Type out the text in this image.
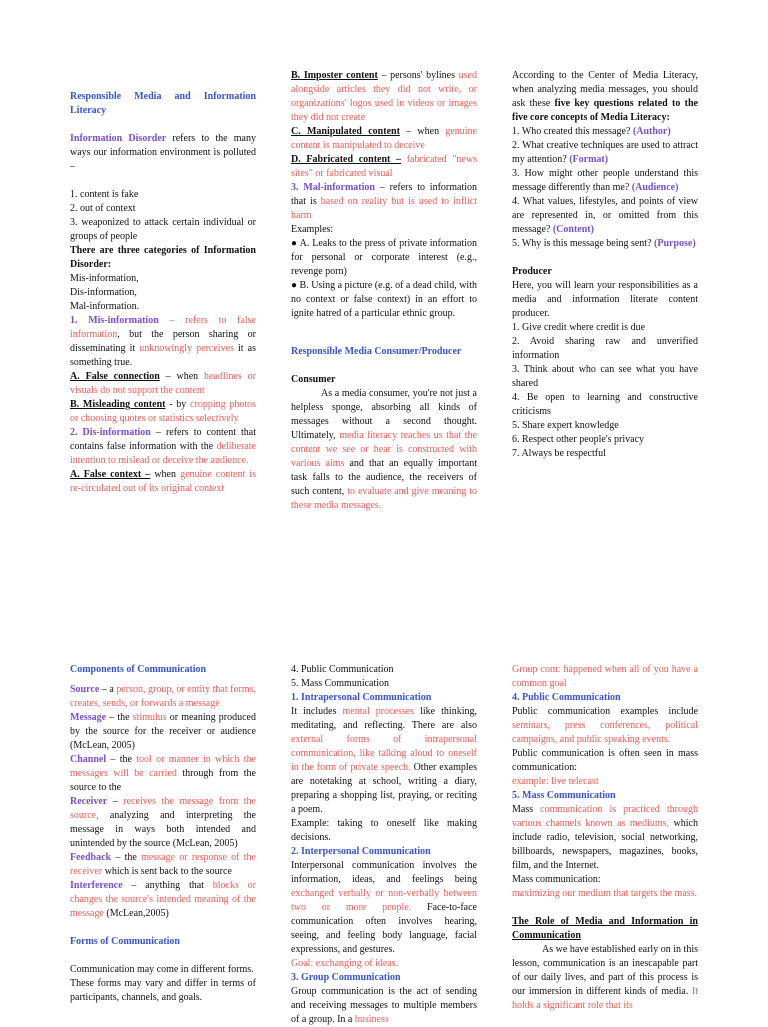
Responsible Media and Information Literacy

Information Disorder refers to the many ways our information environment is polluted –

1. content is fake

2. out of context

3. weaponized to attack certain individual or groups of people

There are three categories of Information Disorder:

Mis-information,

Dis-information,

Mal-information.

1. Mis-information – refers to false information, but the person sharing or disseminating it unknowingly perceives it as something true.

A. False connection – when headlines or visuals do not support the content

B. Misleading content - by cropping photos or choosing quotes or statistics selectively

2. Dis-information – refers to content that contains false information with the deliberate intention to mislead or deceive the audience.

A. False context – when genuine content is re-circulated out of its original context

B. Imposter content – persons' bylines used alongside articles they did not write, or organizations' logos used in videos or images they did not create

C. Manipulated content – when genuine content is manipulated to deceive

D. Fabricated content – fabricated "news sites" or fabricated visual

3. Mal-information – refers to information that is based on reality but is used to inflict harm

Examples:

● A. Leaks to the press of private information for personal or corporate interest (e.g., revenge porn)

● B. Using a picture (e.g. of a dead child, with no context or false context) in an effort to ignite hatred of a particular ethnic group.

Responsible Media Consumer/Producer

Consumer

As a media consumer, you're not just a helpless sponge, absorbing all kinds of messages without a second thought. Ultimately, media literacy teaches us that the content we see or hear is constructed with various aims and that an equally important task falls to the audience, the receivers of such content, to evaluate and give meaning to these media messages.

According to the Center of Media Literacy, when analyzing media messages, you should ask these five key questions related to the five core concepts of Media Literacy:

1. Who created this message? (Author)

2. What creative techniques are used to attract my attention? (Format)

3. How might other people understand this message differently than me? (Audience)

4. What values, lifestyles, and points of view are represented in, or omitted from this message? (Content)

5. Why is this message being sent? (Purpose)

Producer

Here, you will learn your responsibilities as a media and information literate content producer.

1. Give credit where credit is due

2. Avoid sharing raw and unverified information

3. Think about who can see what you have shared

4. Be open to learning and constructive criticisms

5. Share expert knowledge

6. Respect other people's privacy

7. Always be respectful

Components of Communication

Source – a person, group, or entity that forms, creates, sends, or forwards a message

Message – the stimulus or meaning produced by the source for the receiver or audience (McLean, 2005)

Channel – the tool or manner in which the messages will be carried through from the source to the

Receiver – receives the message from the source, analyzing and interpreting the message in ways both intended and unintended by the source (McLean, 2005)

Feedback – the message or response of the receiver which is sent back to the source

Interference – anything that blocks or changes the source's intended meaning of the message (McLean,2005)

Forms of Communication

Communication may come in different forms.

These forms may vary and differ in terms of participants, channels, and goals.

4. Public Communication

5. Mass Communication

1. Intrapersonal Communication

It includes mental processes like thinking, meditating, and reflecting. There are also external forms of intrapersonal communication, like talking aloud to oneself in the form of private speech. Other examples are notetaking at school, writing a diary, preparing a shopping list, praying, or reciting a poem.

Example: taking to oneself like making decisions.

2. Interpersonal Communication

Interpersonal communication involves the information, ideas, and feelings being exchanged verbally or non-verbally between two or more people. Face-to-face communication often involves hearing, seeing, and feeling body language, facial expressions, and gestures.

Goal: exchanging of ideas.

3. Group Communication

Group communication is the act of sending and receiving messages to multiple members of a group. In a business

Group com: happened when all of you have a common goal

4. Public Communication

Public communication examples include seminars, press conferences, political campaigns, and public speaking events.

Public communication is often seen in mass communication:

example: live telecast

5. Mass Communication

Mass communication is practiced through various channels known as mediums, which include radio, television, social networking, billboards, newspapers, magazines, books, film, and the Internet.

Mass communication:

maximizing our medium that targets the mass.

The Role of Media and Information in Communication

As we have established early on in this lesson, communication is an inescapable part of our daily lives, and part of this process is our immersion in different kinds of media. It holds a significant role that its
